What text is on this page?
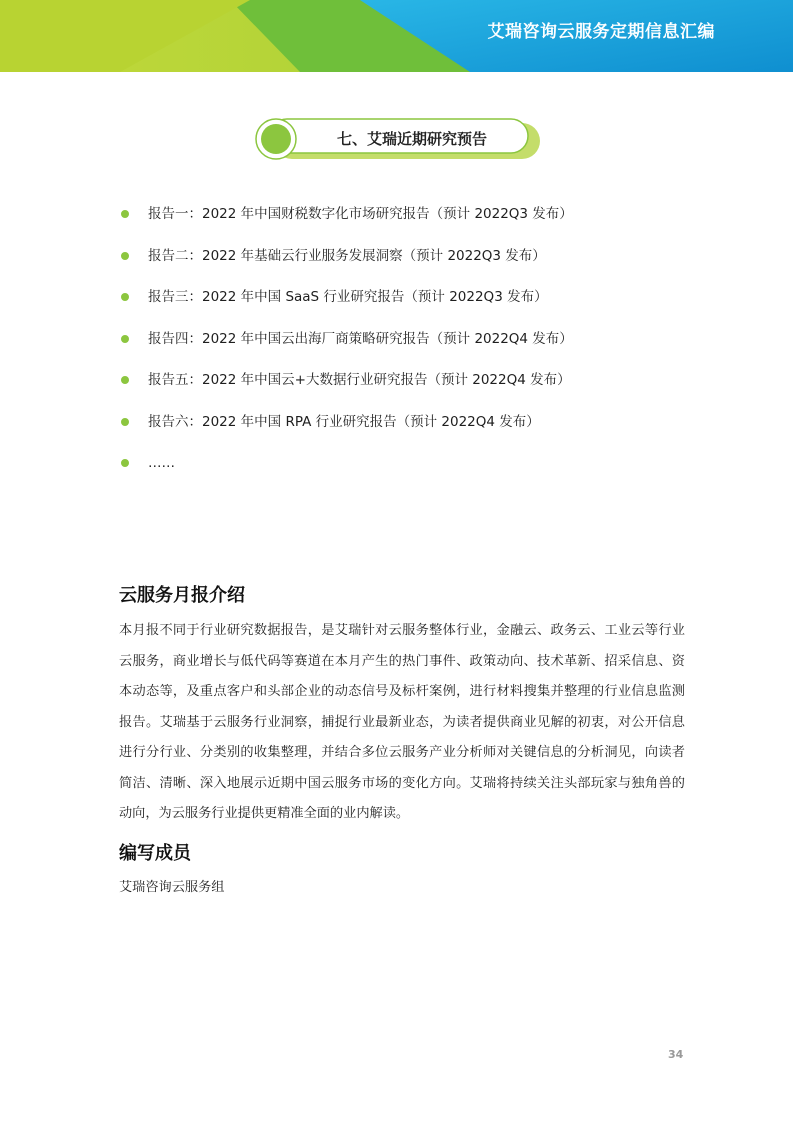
艾瑞咨询云服务定期信息汇编
七、艾瑞近期研究预告
报告一：2022 年中国财税数字化市场研究报告（预计 2022Q3 发布）
报告二：2022 年基础云行业服务发展洞察（预计 2022Q3 发布）
报告三：2022 年中国 SaaS 行业研究报告（预计 2022Q3 发布）
报告四：2022 年中国云出海厂商策略研究报告（预计 2022Q4 发布）
报告五：2022 年中国云+大数据行业研究报告（预计 2022Q4 发布）
报告六：2022 年中国 RPA 行业研究报告（预计 2022Q4 发布）
……
云服务月报介绍

本月报不同于行业研究数据报告，是艾瑞针对云服务整体行业，金融云、政务云、工业云等行业云服务，商业增长与低代码等赛道在本月产生的热门事件、政策动向、技术革新、招采信息、资本动态等，及重点客户和头部企业的动态信号及标杆案例，进行材料搜集并整理的行业信息监测报告。艾瑞基于云服务行业洞察，捕捉行业最新业态，为读者提供商业见解的初衷，对公开信息进行分行业、分类别的收集整理，并结合多位云服务产业分析师对关键信息的分析洞见，向读者简洁、清晰、深入地展示近期中国云服务市场的变化方向。艾瑞将持续关注头部玩家与独角兽的动向，为云服务行业提供更精准全面的业内解读。

编写成员
艾瑞咨询云服务组
34
